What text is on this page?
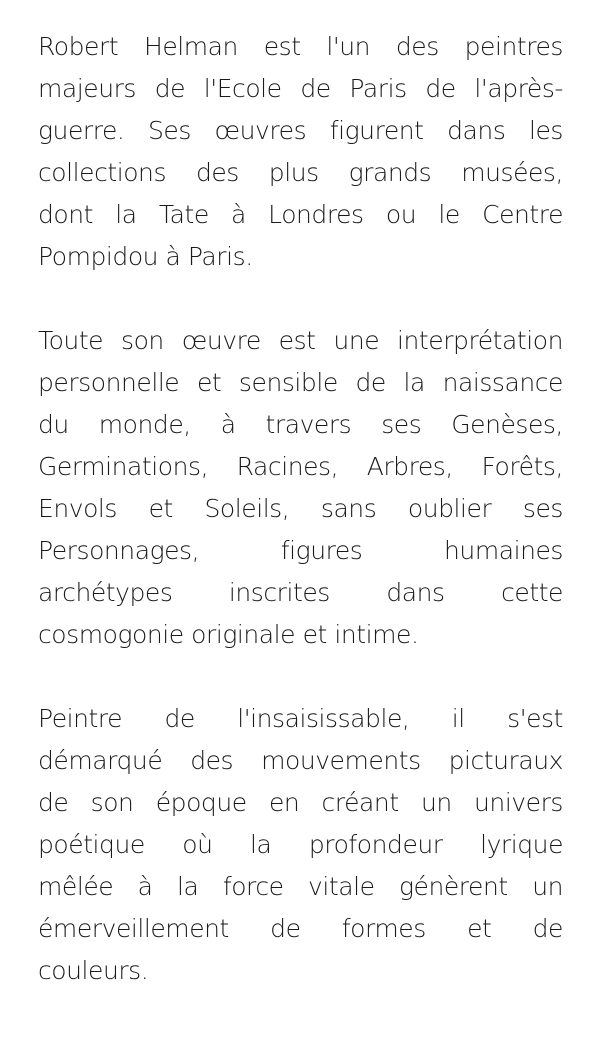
Robert Helman est l'un des peintres
majeurs de l'Ecole de Paris de l'après-
guerre. Ses œuvres figurent dans les
collections des plus grands musées,
dont la Tate à Londres ou le Centre
Pompidou à Paris.

Toute son œuvre est une interprétation
personnelle et sensible de la naissance
du monde, à travers ses Genèses,
Germinations, Racines, Arbres, Forêts,
Envols et Soleils, sans oublier ses
Personnages, figures humaines
archétypes inscrites dans cette
cosmogonie originale et intime.

Peintre de l'insaisissable, il s'est
démarqué des mouvements picturaux
de son époque en créant un univers
poétique où la profondeur lyrique
mêlée à la force vitale génèrent un
émerveillement de formes et de
couleurs.
